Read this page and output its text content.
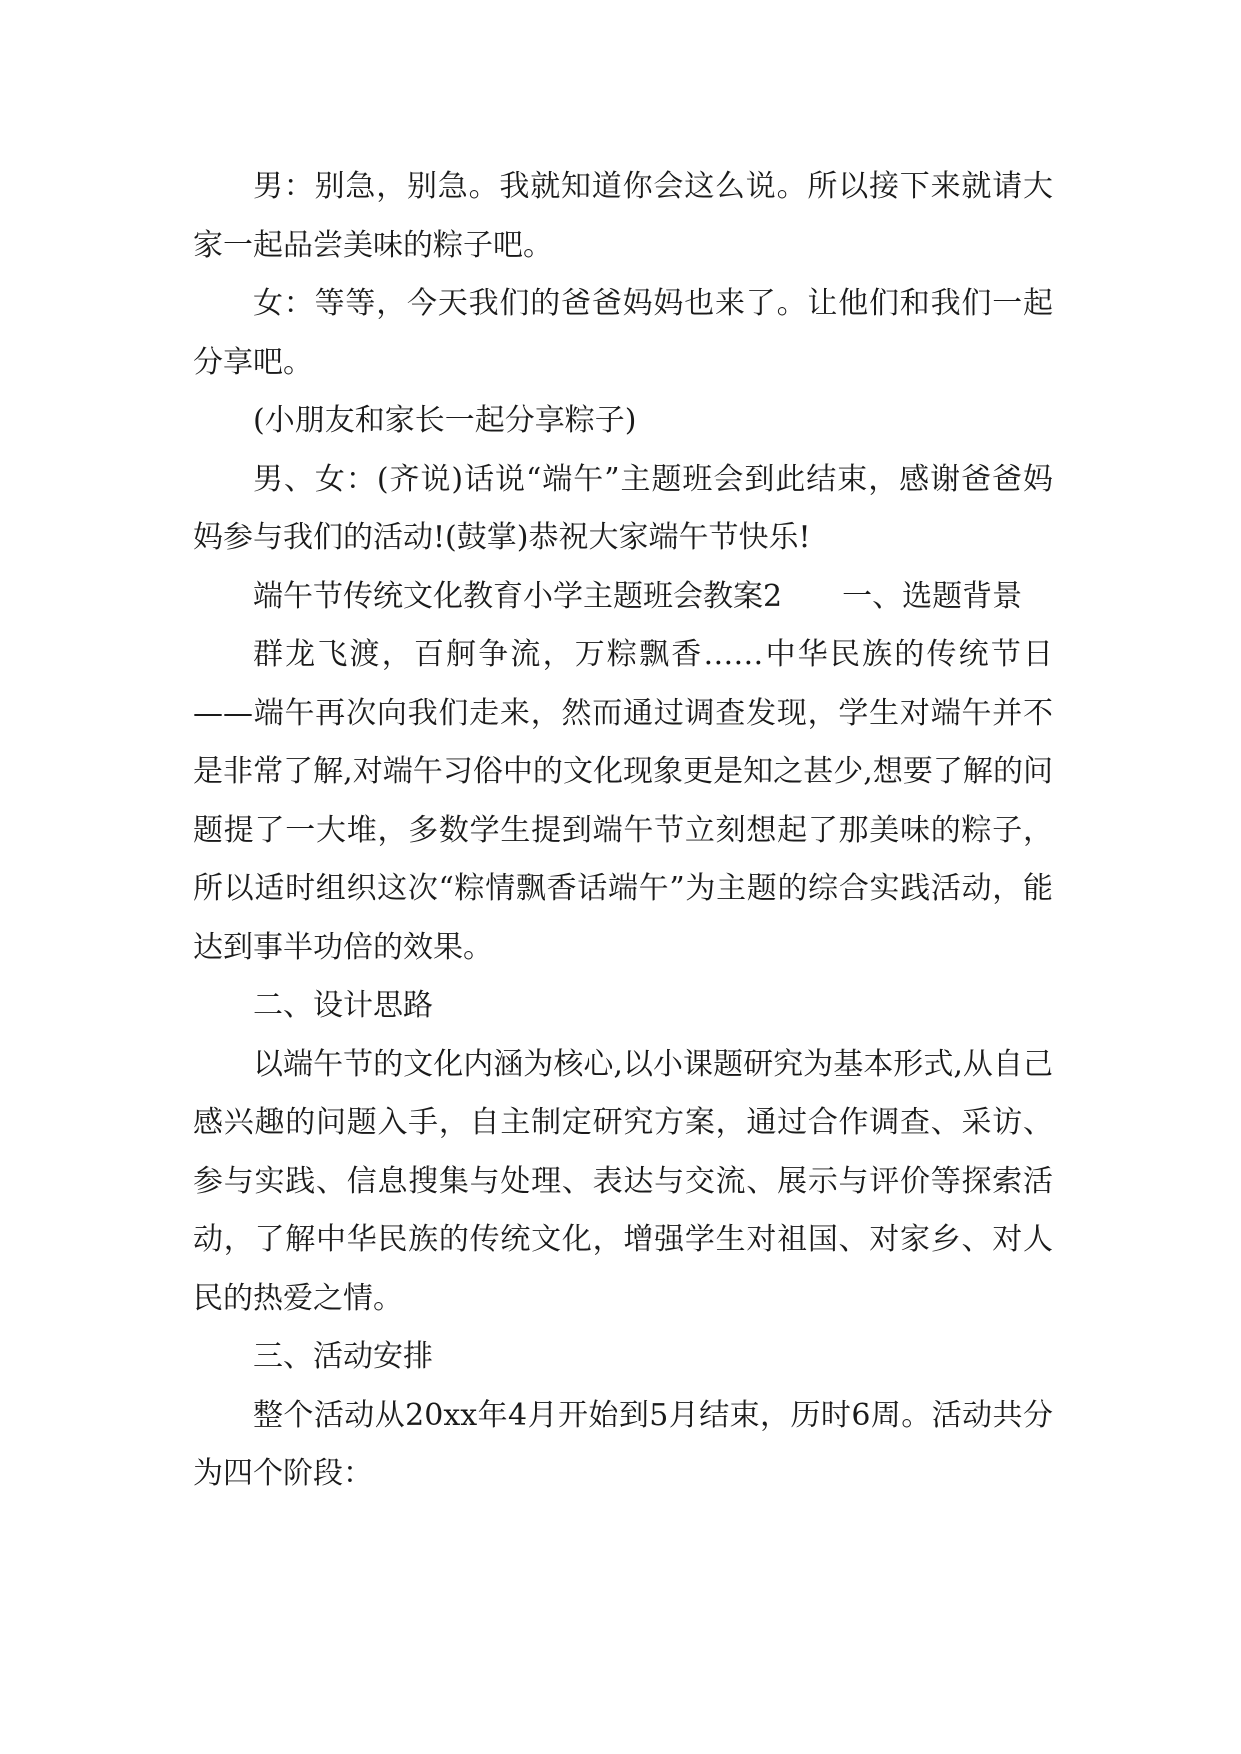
男：别急，别急。我就知道你会这么说。所以接下来就请大家一起品尝美味的粽子吧。

女：等等，今天我们的爸爸妈妈也来了。让他们和我们一起分享吧。

(小朋友和家长一起分享粽子)

男、女：(齐说)话说“端午”主题班会到此结束，感谢爸爸妈妈参与我们的活动!(鼓掌)恭祝大家端午节快乐!

端午节传统文化教育小学主题班会教案2　　一、选题背景

群龙飞渡，百舸争流，万粽飘香……中华民族的传统节日——端午再次向我们走来，然而通过调查发现，学生对端午并不是非常了解,对端午习俗中的文化现象更是知之甚少,想要了解的问题提了一大堆，多数学生提到端午节立刻想起了那美味的粽子，所以适时组织这次“粽情飘香话端午”为主题的综合实践活动，能达到事半功倍的效果。

二、设计思路

以端午节的文化内涵为核心,以小课题研究为基本形式,从自己感兴趣的问题入手，自主制定研究方案，通过合作调查、采访、参与实践、信息搜集与处理、表达与交流、展示与评价等探索活动，了解中华民族的传统文化，增强学生对祖国、对家乡、对人民的热爱之情。

三、活动安排

整个活动从20xx年4月开始到5月结束，历时6周。活动共分为四个阶段：
